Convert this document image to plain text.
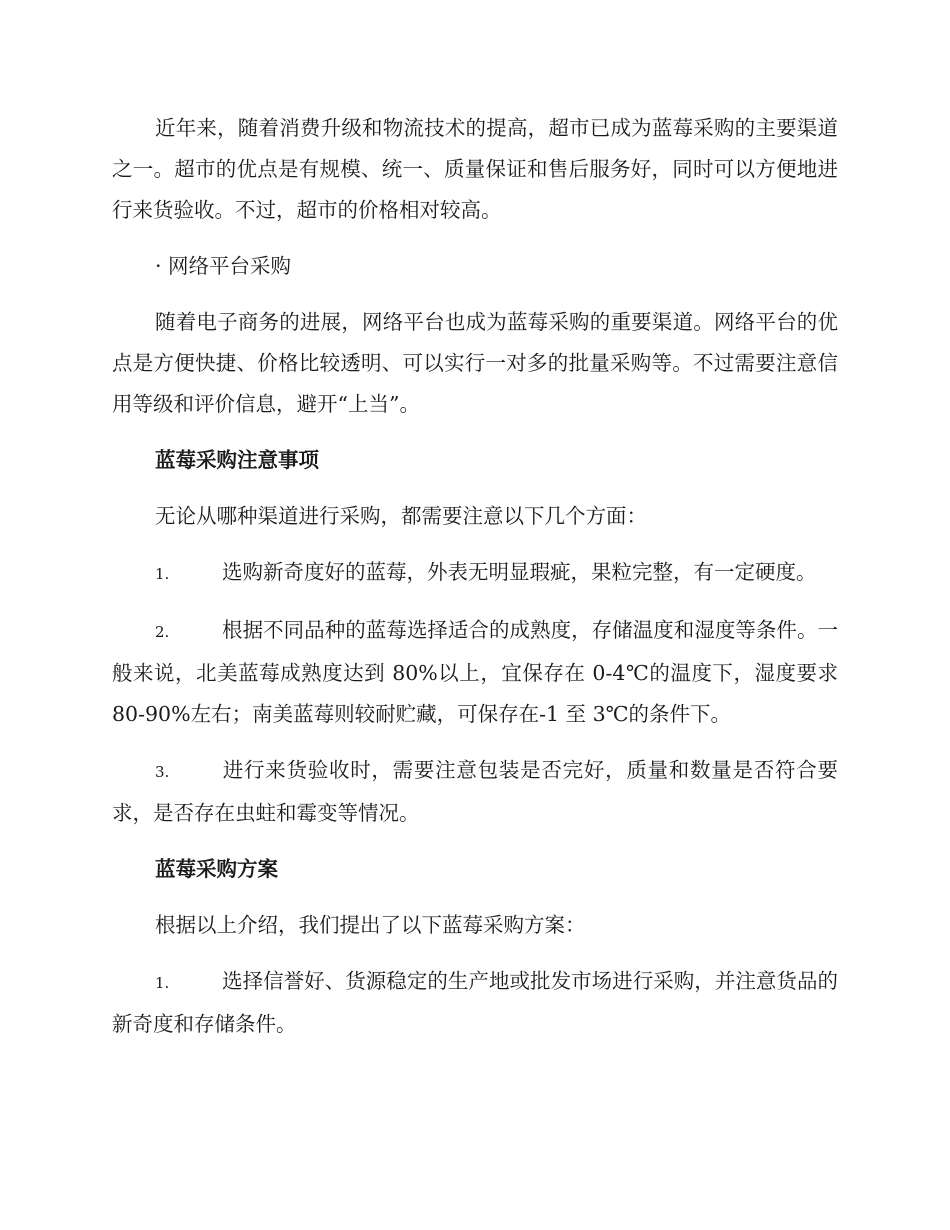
近年来，随着消费升级和物流技术的提高，超市已成为蓝莓采购的主要渠道之一。超市的优点是有规模、统一、质量保证和售后服务好，同时可以方便地进行来货验收。不过，超市的价格相对较高。

· 网络平台采购

随着电子商务的进展，网络平台也成为蓝莓采购的重要渠道。网络平台的优点是方便快捷、价格比较透明、可以实行一对多的批量采购等。不过需要注意信用等级和评价信息，避开“上当”。

蓝莓采购注意事项

无论从哪种渠道进行采购，都需要注意以下几个方面：

1.	选购新奇度好的蓝莓，外表无明显瑕疵，果粒完整，有一定硬度。

2.	根据不同品种的蓝莓选择适合的成熟度，存储温度和湿度等条件。一般来说，北美蓝莓成熟度达到 80%以上，宜保存在 0-4℃的温度下，湿度要求 80-90%左右；南美蓝莓则较耐贮藏，可保存在-1 至 3℃的条件下。

3.	进行来货验收时，需要注意包装是否完好，质量和数量是否符合要求，是否存在虫蛀和霉变等情况。

蓝莓采购方案

根据以上介绍，我们提出了以下蓝莓采购方案：

1.	选择信誉好、货源稳定的生产地或批发市场进行采购，并注意货品的新奇度和存储条件。
